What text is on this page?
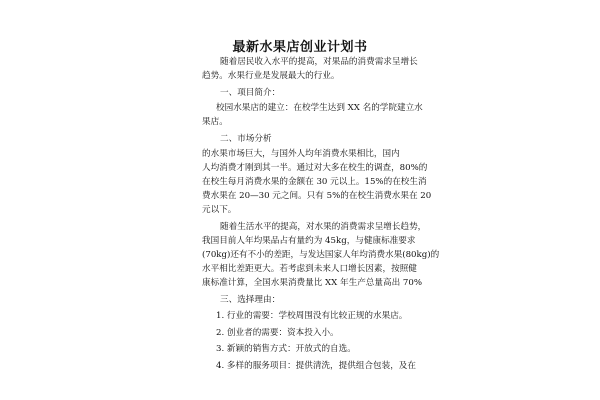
最新水果店创业计划书
随着居民收入水平的提高，对果品的消费需求呈增长
趋势。水果行业是发展最大的行业。
一、项目简介：
校园水果店的建立：在校学生达到 XX 名的学院建立水
果店。
二、市场分析
的水果市场巨大，与国外人均年消费水果相比，国内
人均消费才刚到其一半。通过对大多在校生的调查，80%的
在校生每月消费水果的金额在 30 元以上。15%的在校生消
费水果在 20—30 元之间。只有 5%的在校生消费水果在 20
元以下。
随着生活水平的提高，对水果的消费需求呈增长趋势，
我国目前人年均果品占有量约为 45kg，与健康标准要求
(70kg)还有不小的差距，与发达国家人年均消费水果(80kg)的
水平相比差距更大。若考虑到未来人口增长因素，按照健
康标准计算，全国水果消费量比 XX 年生产总量高出 70%
三、选择理由：
1. 行业的需要：学校周围没有比较正规的水果店。
2. 创业者的需要：资本投入小。
3. 新颖的销售方式：开放式的自选。
4. 多样的服务项目：提供清洗，提供组合包装，及在
